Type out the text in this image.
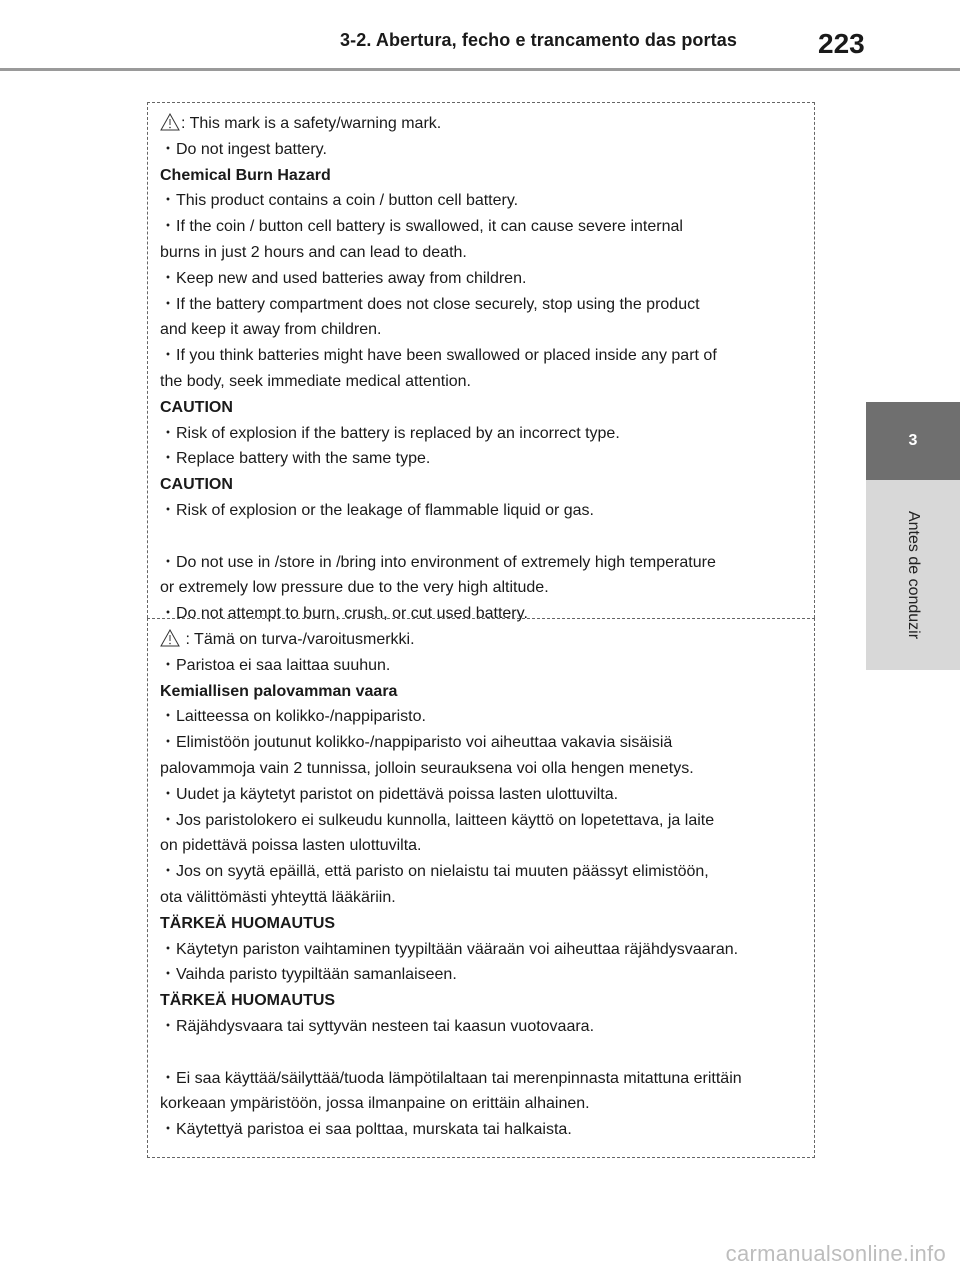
3-2. Abertura, fecho e trancamento das portas	223
3
Antes de conduzir
: This mark is a safety/warning mark.
・Do not ingest battery.
Chemical Burn Hazard
・This product contains a coin / button cell battery.
・If the coin / button cell battery is swallowed, it can cause severe internal
burns in just 2 hours and can lead to death.
・Keep new and used batteries away from children.
・If the battery compartment does not close securely, stop using the product
and keep it away from children.
・If you think batteries might have been swallowed or placed inside any part of
the body, seek immediate medical attention.
CAUTION
・Risk of explosion if the battery is replaced by an incorrect type.
・Replace battery with the same type.
CAUTION
・Risk of explosion or the leakage of flammable liquid or gas.
・Do not use in /store in /bring into environment of extremely high temperature
or extremely low pressure due to the very high altitude.
・Do not attempt to burn, crush, or cut used battery.
: Tämä on turva-/varoitusmerkki.
・Paristoa ei saa laittaa suuhun.
Kemiallisen palovamman vaara
・Laitteessa on kolikko-/nappiparisto.
・Elimistöön joutunut kolikko-/nappiparisto voi aiheuttaa vakavia sisäisiä
palovammoja vain 2 tunnissa, jolloin seurauksena voi olla hengen menetys.
・Uudet ja käytetyt paristot on pidettävä poissa lasten ulottuvilta.
・Jos paristolokero ei sulkeudu kunnolla, laitteen käyttö on lopetettava, ja laite
on pidettävä poissa lasten ulottuvilta.
・Jos on syytä epäillä, että paristo on nielaistu tai muuten päässyt elimistöön,
ota välittömästi yhteyttä lääkäriin.
TÄRKEÄ HUOMAUTUS
・Käytetyn pariston vaihtaminen tyypiltään vääraän voi aiheuttaa räjähdysvaaran.
・Vaihda paristo tyypiltään samanlaiseen.
TÄRKEÄ HUOMAUTUS
・Räjähdysvaara tai syttyvän nesteen tai kaasun vuotovaara.
・Ei saa käyttää/säilyttää/tuoda lämpötilaltaan tai merenpinnasta mitattuna erittäin
korkeaan ympäristöön, jossa ilmanpaine on erittäin alhainen.
・Käytettyä paristoa ei saa polttaa, murskata tai halkaista.
carmanualsonline.info
